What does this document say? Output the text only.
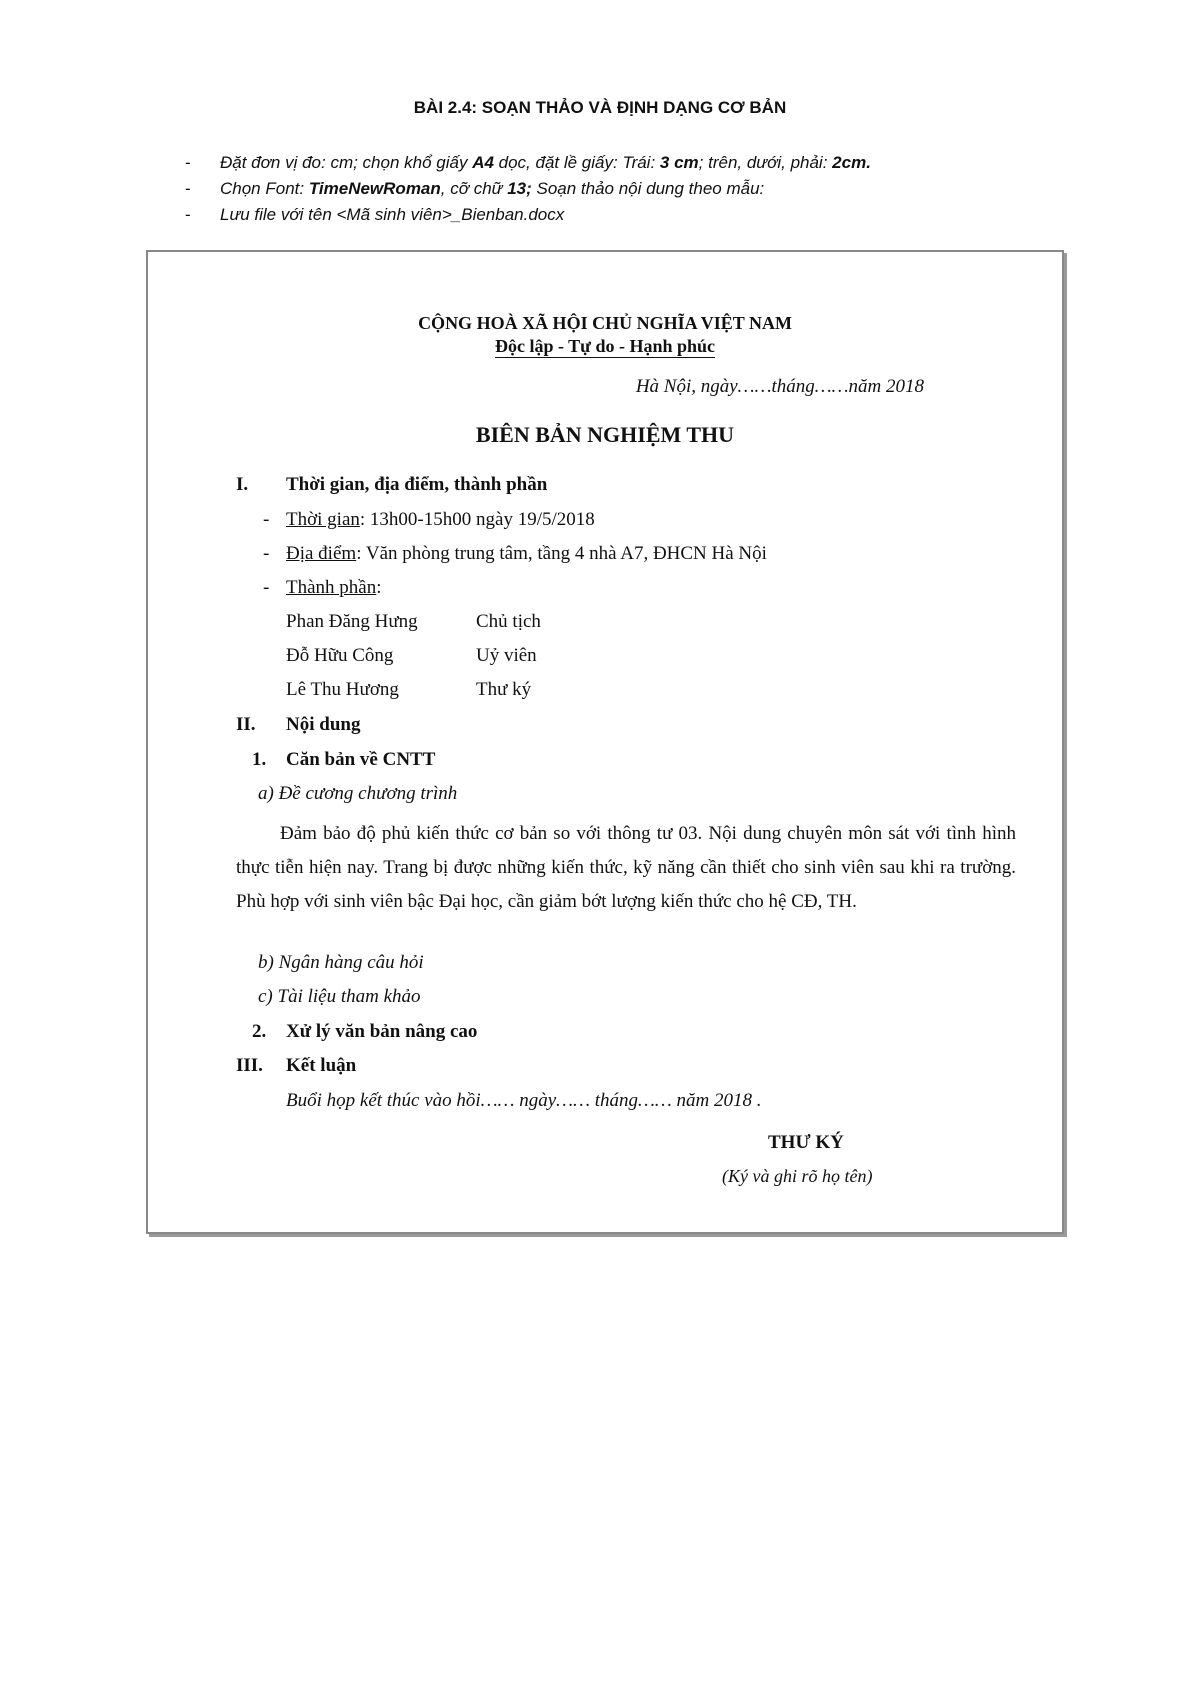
BÀI 2.4: SOẠN THẢO VÀ ĐỊNH DẠNG CƠ BẢN
-	Đặt đơn vị đo: cm; chọn khổ giấy A4 dọc, đặt lề giấy: Trái: 3 cm; trên, dưới, phải: 2cm.
-	Chọn Font: TimeNewRoman, cỡ chữ 13; Soạn thảo nội dung theo mẫu:
-	Lưu file với tên <Mã sinh viên>_Bienban.docx
CỘNG HOÀ XÃ HỘI CHỦ NGHĨA VIỆT NAM
Độc lập - Tự do - Hạnh phúc
Hà Nội, ngày……tháng……năm 2018
BIÊN BẢN NGHIỆM THU
I. Thời gian, địa điểm, thành phần
- Thời gian: 13h00-15h00 ngày 19/5/2018
- Địa điểm: Văn phòng trung tâm, tầng 4 nhà A7, ĐHCN Hà Nội
- Thành phần:
Phan Đăng Hưng	Chủ tịch
Đỗ Hữu Công	Uỷ viên
Lê Thu Hương	Thư ký
II. Nội dung
1. Căn bản về CNTT
a) Đề cương chương trình
Đảm bảo độ phủ kiến thức cơ bản so với thông tư 03. Nội dung chuyên môn sát với tình hình thực tiễn hiện nay. Trang bị được những kiến thức, kỹ năng cần thiết cho sinh viên sau khi ra trường. Phù hợp với sinh viên bậc Đại học, cần giảm bớt lượng kiến thức cho hệ CĐ, TH.
b) Ngân hàng câu hỏi
c) Tài liệu tham khảo
2. Xử lý văn bản nâng cao
III. Kết luận
Buổi họp kết thúc vào hồi…… ngày…… tháng…… năm 2018 .
THƯ KÝ
(Ký và ghi rõ họ tên)
